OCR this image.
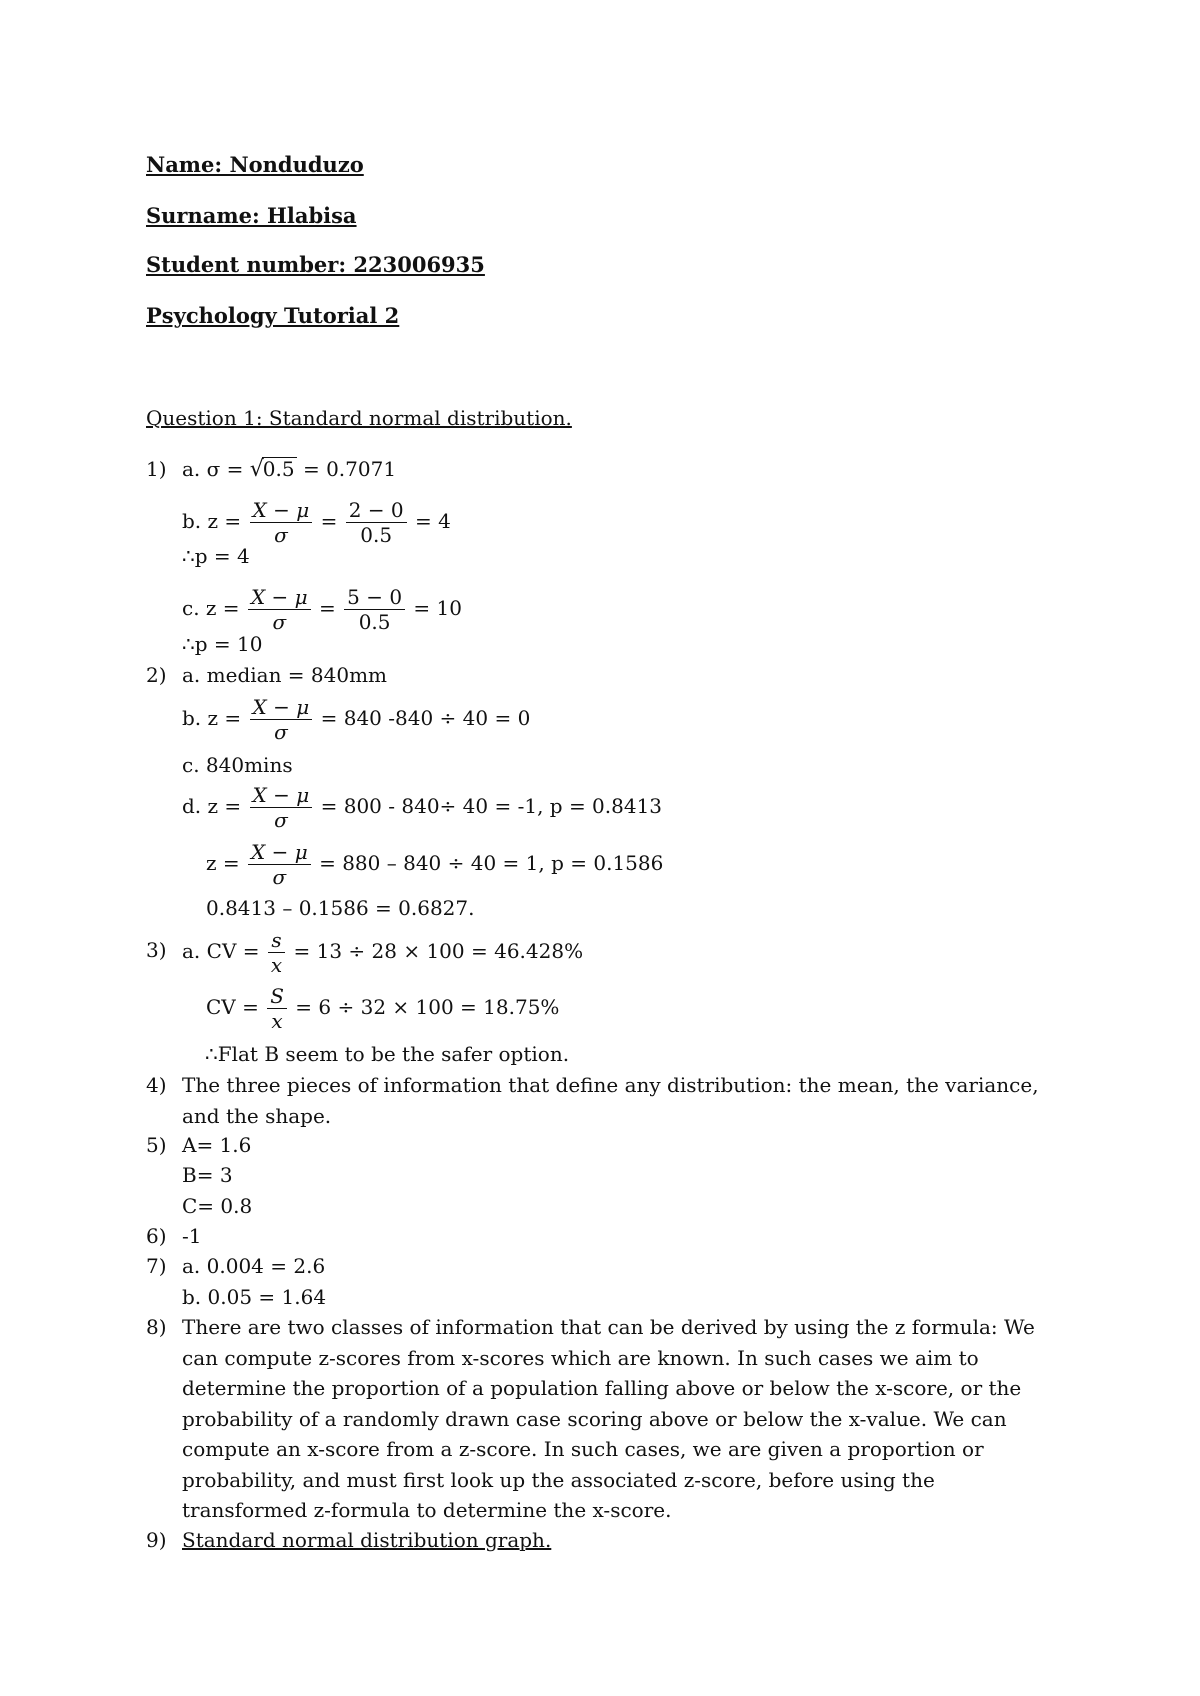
Name: Nonduduzo
Surname: Hlabisa
Student number: 223006935
Psychology Tutorial 2
Question 1: Standard normal distribution.
1) a. σ = √0.5 = 0.7071
b. $z = \frac{X - \mu}{\sigma} = \frac{2 - 0}{0.5} = 4$
∴p = 4
c. $z = \frac{X - \mu}{\sigma} = \frac{5 - 0}{0.5} = 10$
∴p = 10
2) a. median = 840mm
b. $z = \frac{X - \mu}{\sigma} = 840$ -840 ÷ 40 = 0
c. 840mins
d. $z = \frac{X - \mu}{\sigma} = 800 - 840\div 40 = -1$, p = 0.8413
$z = \frac{X - \mu}{\sigma} = 880 - 840 \div 40 = 1$, p = 0.1586
0.8413 – 0.1586 = 0.6827.
3) a. CV = $\frac{s}{x} = 13 \div 28 \times 100 = 46.428\%$
CV = $\frac{S}{x} = 6 \div 32 \times 100 = 18.75\%$
∴Flat B seem to be the safer option.
4) The three pieces of information that define any distribution: the mean, the variance, and the shape.
5) A= 1.6
B= 3
C= 0.8
6) -1
7) a. 0.004 = 2.6
b. 0.05 = 1.64
8) There are two classes of information that can be derived by using the z formula: We can compute z-scores from x-scores which are known. In such cases we aim to determine the proportion of a population falling above or below the x-score, or the probability of a randomly drawn case scoring above or below the x-value. We can compute an x-score from a z-score. In such cases, we are given a proportion or probability, and must first look up the associated z-score, before using the transformed z-formula to determine the x-score.
9) Standard normal distribution graph.
